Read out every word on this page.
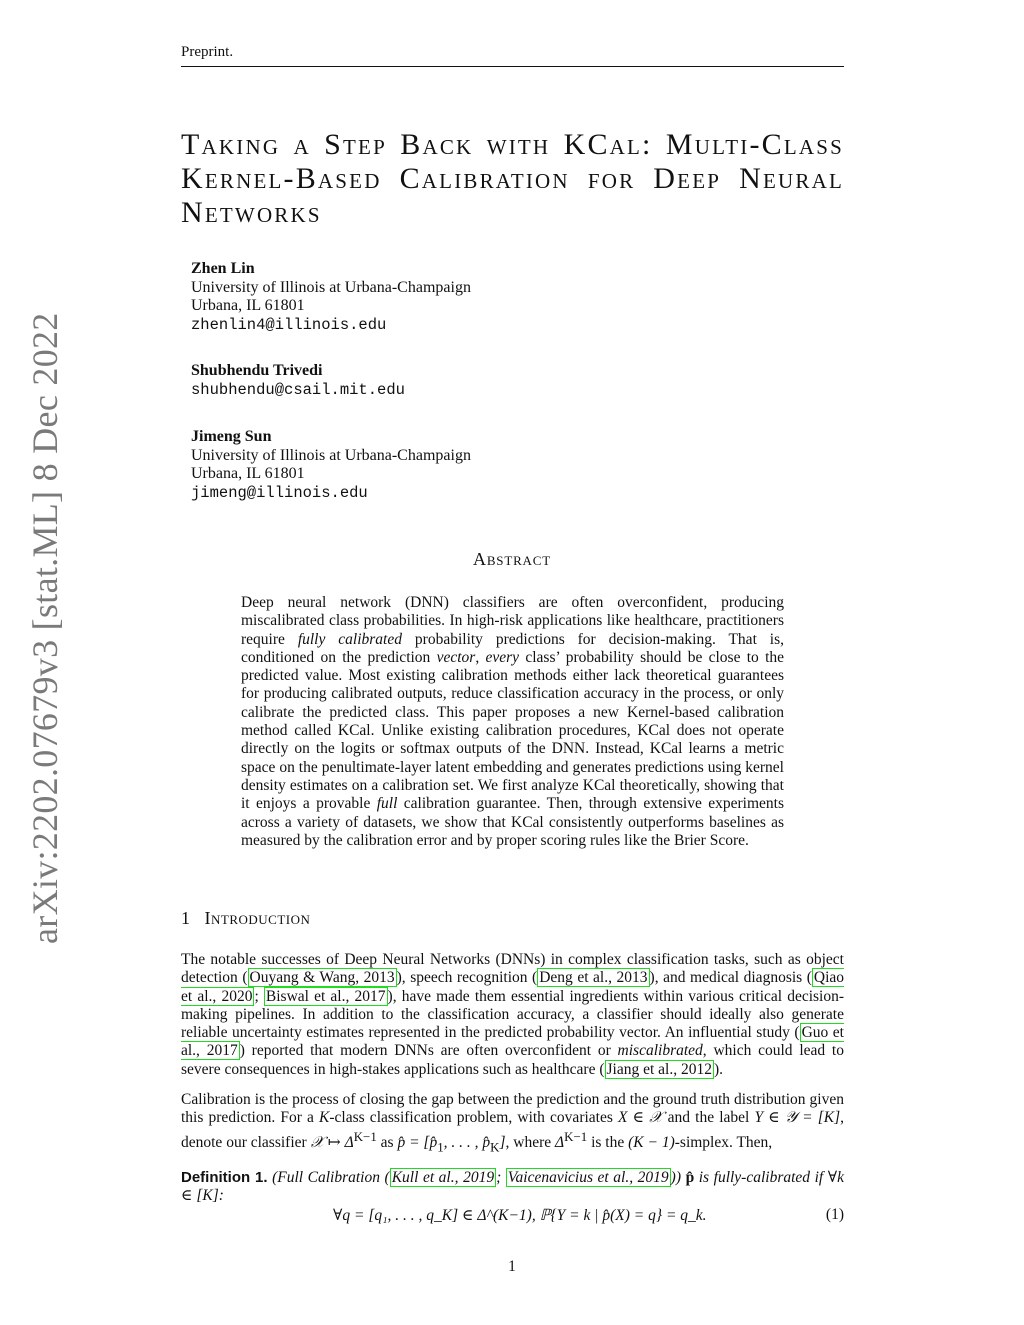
Preprint.
arXiv:2202.07679v3 [stat.ML] 8 Dec 2022
Taking a Step Back with KCal: Multi-Class
Kernel-Based Calibration for Deep Neural
Networks
Zhen Lin
University of Illinois at Urbana-Champaign
Urbana, IL 61801
zhenlin4@illinois.edu
Shubhendu Trivedi
shubhendu@csail.mit.edu
Jimeng Sun
University of Illinois at Urbana-Champaign
Urbana, IL 61801
jimeng@illinois.edu
Abstract
Deep neural network (DNN) classifiers are often overconfident, producing miscalibrated class probabilities. In high-risk applications like healthcare, practitioners require fully calibrated probability predictions for decision-making. That is, conditioned on the prediction vector, every class’ probability should be close to the predicted value. Most existing calibration methods either lack theoretical guarantees for producing calibrated outputs, reduce classification accuracy in the process, or only calibrate the predicted class. This paper proposes a new Kernel-based calibration method called KCal. Unlike existing calibration procedures, KCal does not operate directly on the logits or softmax outputs of the DNN. Instead, KCal learns a metric space on the penultimate-layer latent embedding and generates predictions using kernel density estimates on a calibration set. We first analyze KCal theoretically, showing that it enjoys a provable full calibration guarantee. Then, through extensive experiments across a variety of datasets, we show that KCal consistently outperforms baselines as measured by the calibration error and by proper scoring rules like the Brier Score.
1 Introduction
The notable successes of Deep Neural Networks (DNNs) in complex classification tasks, such as object detection ( Ouyang & Wang, 2013 ), speech recognition ( Deng et al., 2013 ), and medical diagnosis ( Qiao et al., 2020 ; Biswal et al., 2017 ), have made them essential ingredients within various critical decision-making pipelines. In addition to the classification accuracy, a classifier should ideally also generate reliable uncertainty estimates represented in the predicted probability vector. An influential study ( Guo et al., 2017 ) reported that modern DNNs are often overconfident or miscalibrated, which could lead to severe consequences in high-stakes applications such as healthcare ( Jiang et al., 2012 ).
Calibration is the process of closing the gap between the prediction and the ground truth distribution given this prediction. For a K-class classification problem, with covariates X ∈ 𝒳 and the label Y ∈ 𝒴 = [K], denote our classifier 𝒳 ↦ $\Delta^{K-1}$ as p̂ = [$p̂_1$, . . . , $p̂_K$], where $\Delta^{K-1}$ is the (K − 1)-simplex. Then,
Definition 1. (Full Calibration ( Kull et al., 2019 ; Vaicenavicius et al., 2019 )) p̂ is fully-calibrated if ∀k ∈ [K]:
∀q = [q₁, . . . , q_K] ∈ Δ^(K−1), ℙ{Y = k | p̂(X) = q} = q_k.	(1)
1
